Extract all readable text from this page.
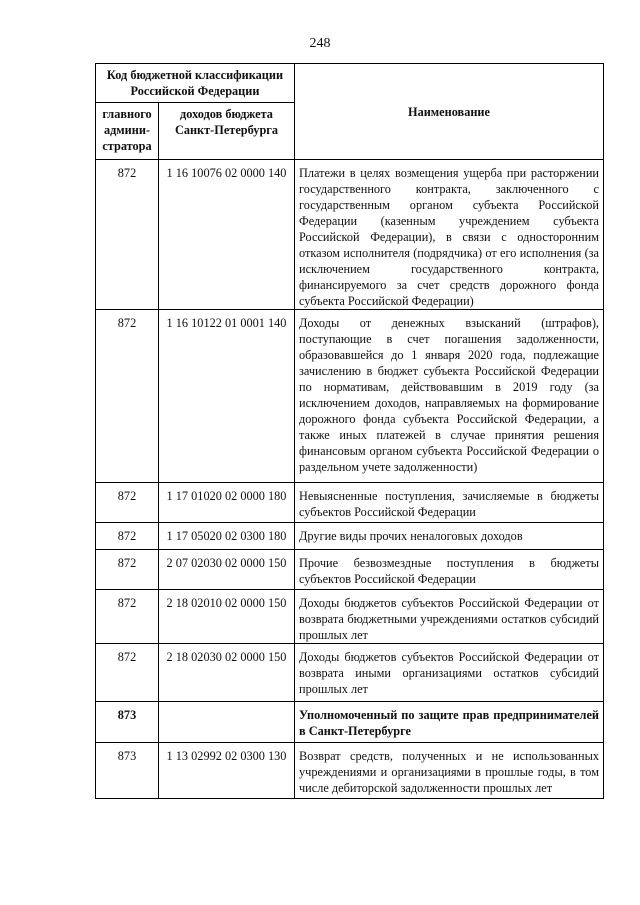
248
Код бюджетной классификации Российской Федерации		Наименование
главного админи-стратора	доходов бюджета Санкт-Петербурга	
872	1 16 10076 02 0000 140	Платежи в целях возмещения ущерба при расторжении государственного контракта, заключенного с государственным органом субъекта Российской Федерации (казенным учреждением субъекта Российской Федерации), в связи с односторонним отказом исполнителя (подрядчика) от его исполнения (за исключением государственного контракта, финансируемого за счет средств дорожного фонда субъекта Российской Федерации)
872	1 16 10122 01 0001 140	Доходы от денежных взысканий (штрафов), поступающие в счет погашения задолженности, образовавшейся до 1 января 2020 года, подлежащие зачислению в бюджет субъекта Российской Федерации по нормативам, действовавшим в 2019 году (за исключением доходов, направляемых на формирование дорожного фонда субъекта Российской Федерации, а также иных платежей в случае принятия решения финансовым органом субъекта Российской Федерации о раздельном учете задолженности)
872	1 17 01020 02 0000 180	Невыясненные поступления, зачисляемые в бюджеты субъектов Российской Федерации
872	1 17 05020 02 0300 180	Другие виды прочих неналоговых доходов
872	2 07 02030 02 0000 150	Прочие безвозмездные поступления в бюджеты субъектов Российской Федерации
872	2 18 02010 02 0000 150	Доходы бюджетов субъектов Российской Федерации от возврата бюджетными учреждениями остатков субсидий прошлых лет
872	2 18 02030 02 0000 150	Доходы бюджетов субъектов Российской Федерации от возврата иными организациями остатков субсидий прошлых лет
873		Уполномоченный по защите прав предпринимателей в Санкт-Петербурге
873	1 13 02992 02 0300 130	Возврат средств, полученных и не использованных учреждениями и организациями в прошлые годы, в том числе дебиторской задолженности прошлых лет
